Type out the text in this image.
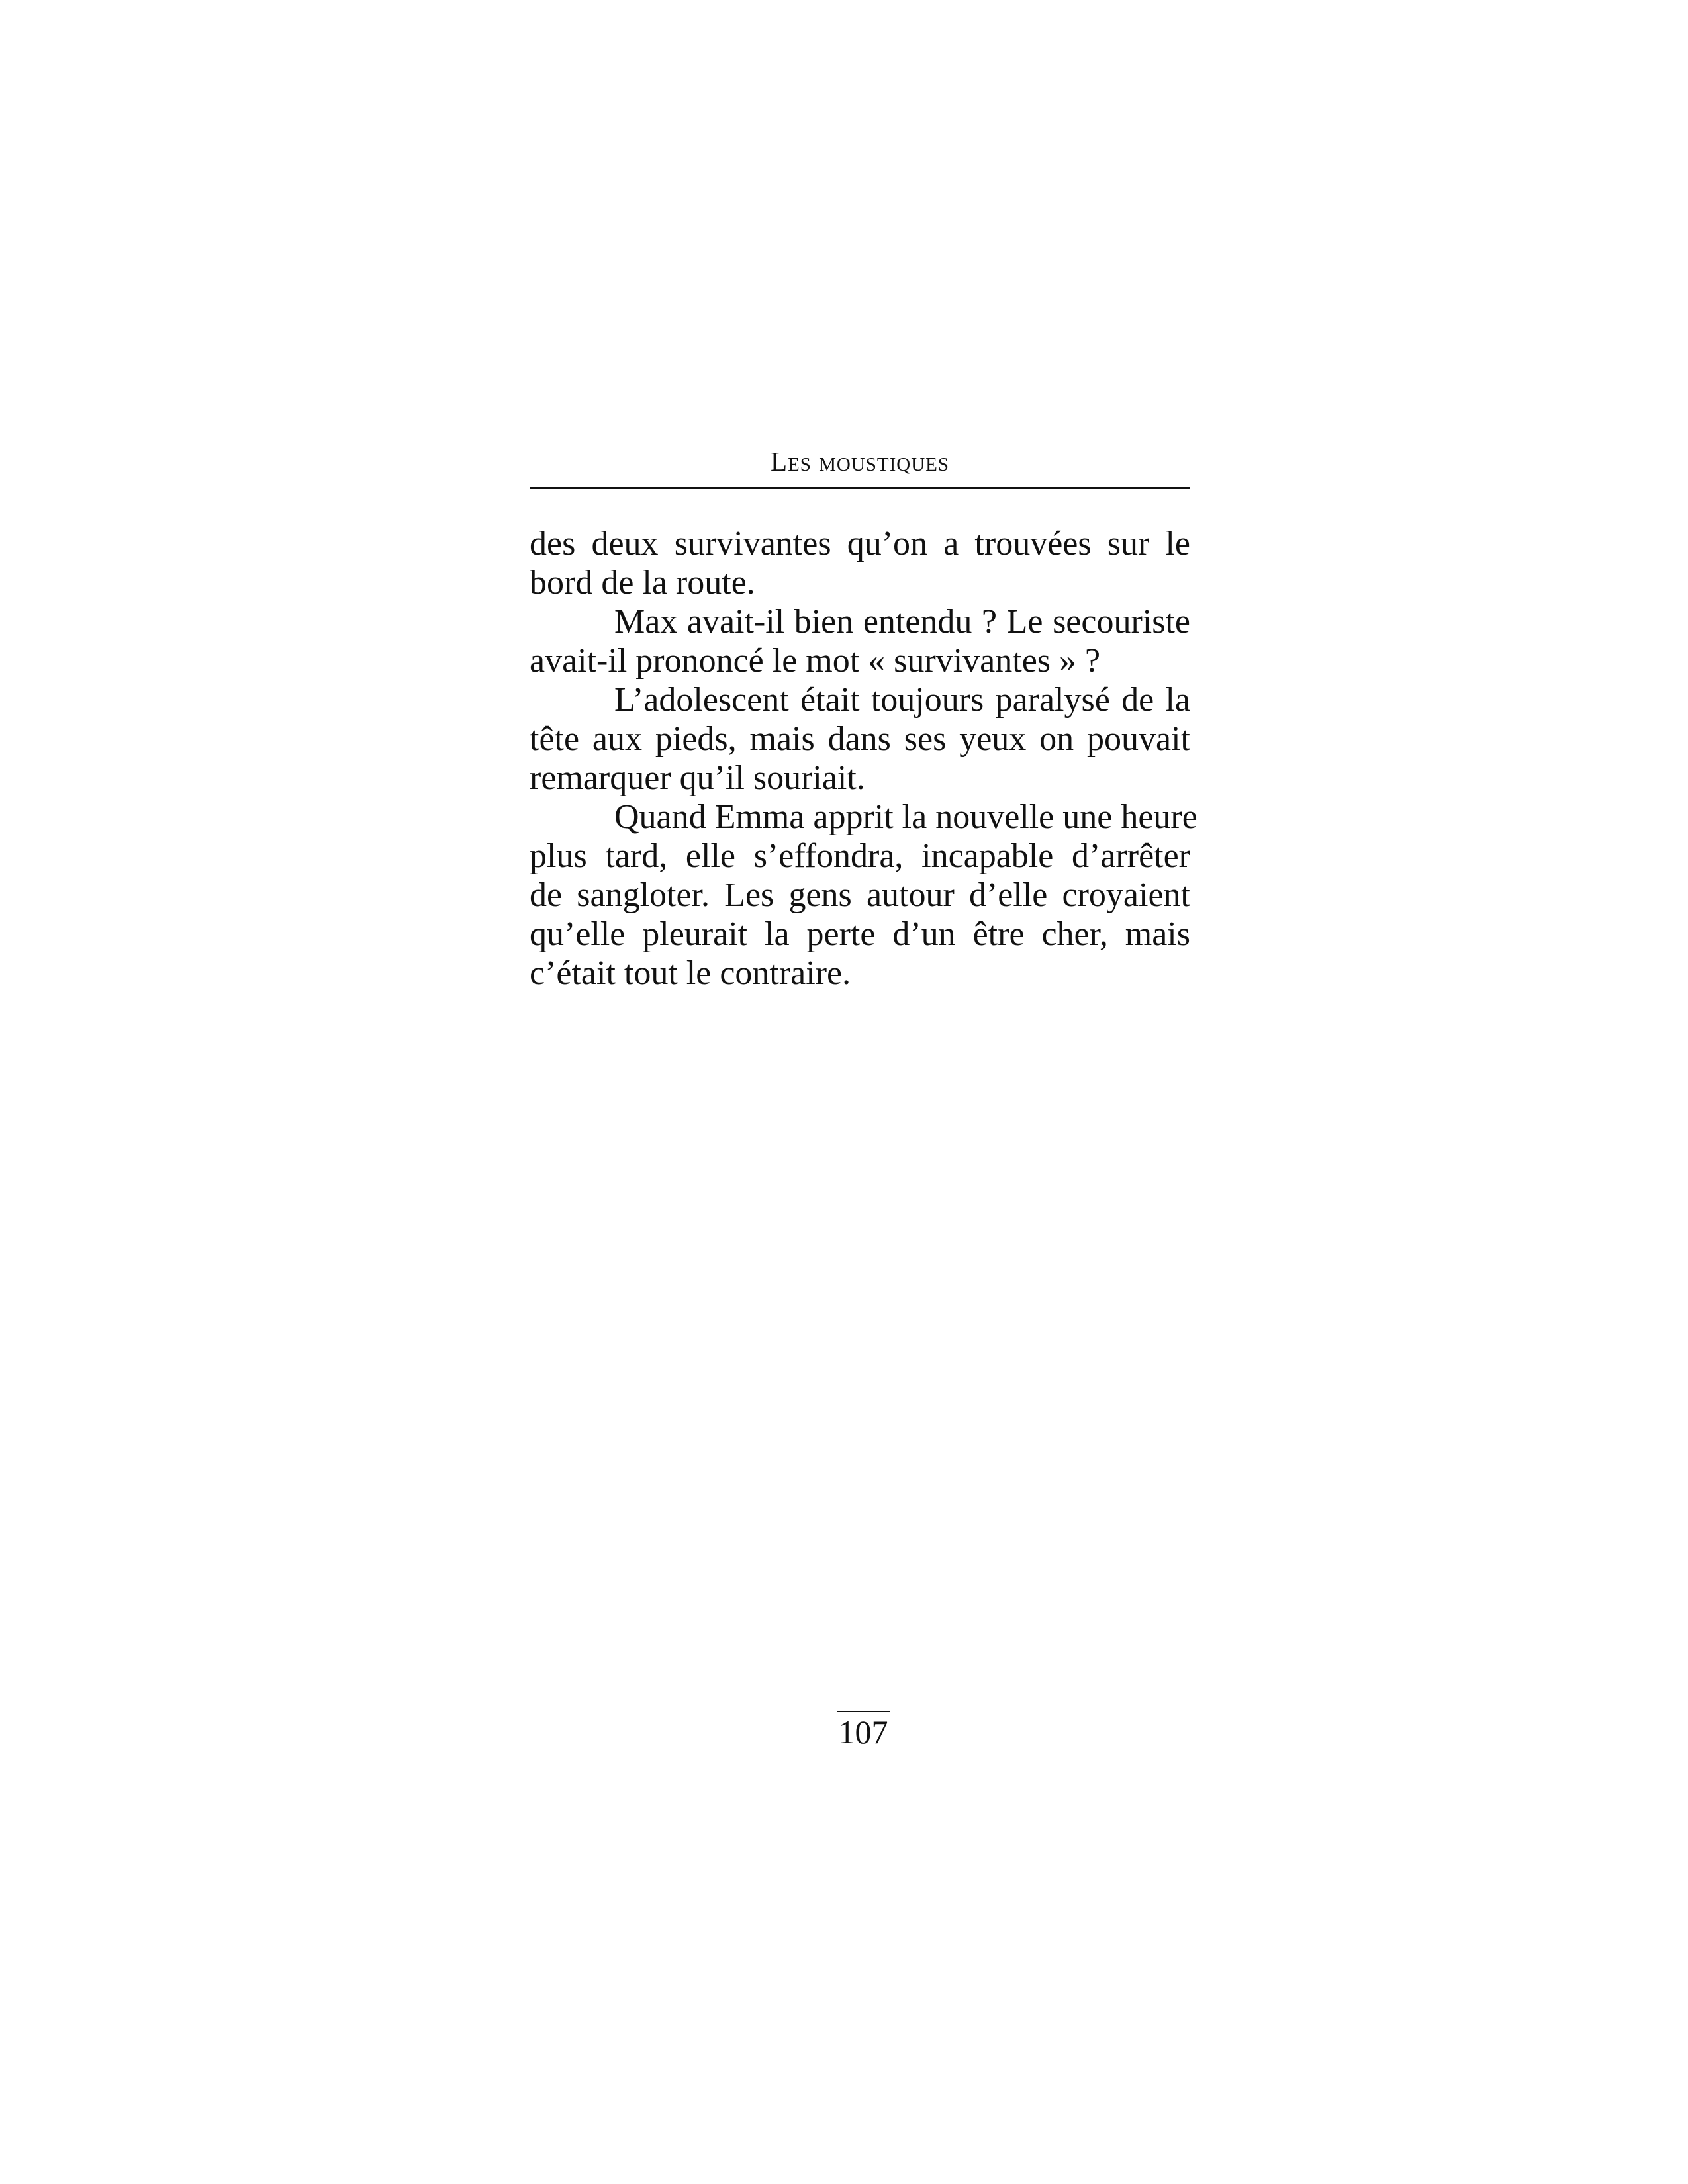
Les moustiques
des deux survivantes qu’on a trouvées sur le
bord de la route.
Max avait-il bien entendu ? Le secouriste
avait-il prononcé le mot « survivantes » ?
L’adolescent était toujours paralysé de la
tête aux pieds, mais dans ses yeux on pouvait
remarquer qu’il souriait.
Quand Emma apprit la nouvelle une heure
plus tard, elle s’effondra, incapable d’arrêter
de sangloter. Les gens autour d’elle croyaient
qu’elle pleurait la perte d’un être cher, mais
c’était tout le contraire.
107
